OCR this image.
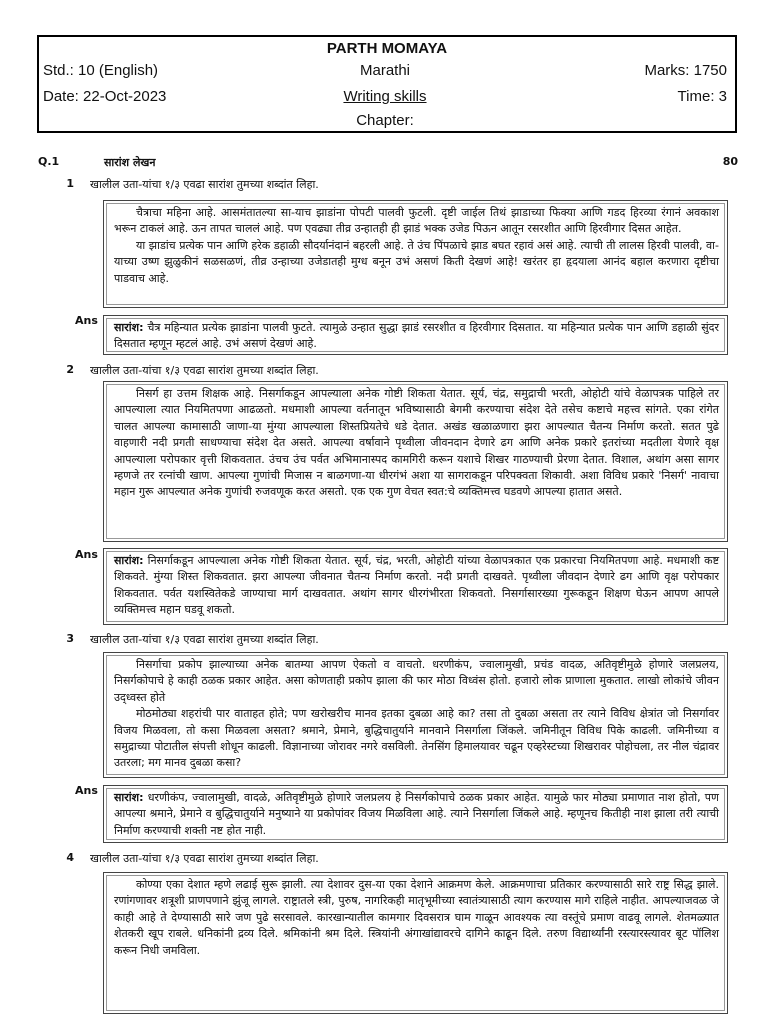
PARTH MOMAYA
Std.: 10 (English)	Marathi	Marks: 1750
Date: 22-Oct-2023	Writing skills	Time: 3
Chapter:
Q.1	सारांश लेखन	80
1 खालील उता-यांचा १/३ एवढा सारांश तुमच्या शब्दांत लिहा.

चैत्राचा महिना आहे. आसमंतातल्या सा-याच झाडांना पोपटी पालवी फुटली. दृष्टी जाईल तिथं झाडाच्या फिक्या आणि गडद हिरव्या रंगानं अवकाश भरून टाकलं आहे. ऊन तापत चाललं आहे. पण एवढ्या तीव्र उन्हातही ही झाडं भक्क उजेड पिऊन आतून रसरशीत आणि हिरवीगार दिसत आहेत.

या झाडांच प्रत्येक पान आणि हरेक डहाळी सौदर्यानंदानं बहरली आहे. ते उंच पिंपळाचे झाड बघत रहावं असं आहे. त्याची ती लालस हिरवी पालवी, वा-याच्या उष्ण झुळुकीनं सळसळणं, तीव्र उन्हाच्या उजेडातही मुग्ध बनून उभं असणं किती देखणं आहे! खरंतर हा हृदयाला आनंद बहाल करणारा दृष्टीचा पाडवाच आहे.

Ans

सारांश: चैत्र महिन्यात प्रत्येक झाडांना पालवी फुटते. त्यामुळे उन्हात सुद्धा झाडं रसरशीत व हिरवीगार दिसतात. या महिन्यात प्रत्येक पान आणि डहाळी सुंदर दिसतात म्हणून म्हटलं आहे. उभं असणं देखणं आहे.

2 खालील उता-यांचा १/३ एवढा सारांश तुमच्या शब्दांत लिहा.

निसर्ग हा उत्तम शिक्षक आहे. निसर्गाकडून आपल्याला अनेक गोष्टी शिकता येतात. सूर्य, चंद्र, समुद्राची भरती, ओहोटी यांचे वेळापत्रक पाहिले तर आपल्याला त्यात नियमितपणा आढळतो. मधमाशी आपल्या वर्तनातून भविष्यासाठी बेगमी करण्याचा संदेश देते तसेच कष्टाचे महत्त्व सांगते. एका रांगेत चालत आपल्या कामासाठी जाणा-या मुंग्या आपल्याला शिस्तप्रियतेचे धडे देतात. अखंड खळाळणारा झरा आपल्यात चैतन्य निर्माण करतो. सतत पुढे वाहणारी नदी प्रगती साधण्याचा संदेश देत असते. आपल्या वर्षावाने पृथ्वीला जीवनदान देणारे ढग आणि अनेक प्रकारे इतरांच्या मदतीला येणारे वृक्ष आपल्याला परोपकार वृत्ती शिकवतात. उंचच उंच पर्वत अभिमानास्पद कामगिरी करून यशाचे शिखर गाठण्याची प्रेरणा देतात. विशाल, अथांग असा सागर म्हणजे तर रत्नांची खाण. आपल्या गुणांची मिजास न बाळगणा-या धीरगंभं अशा या सागराकडून परिपक्वता शिकावी. अशा विविध प्रकारे 'निसर्ग' नावाचा महान गुरू आपल्यात अनेक गुणांची रुजवणूक करत असतो. एक एक गुण वेचत स्वत:चे व्यक्तिमत्त्व घडवणे आपल्या हातात असते.

Ans सारांश: निसर्गाकडून आपल्याला अनेक गोष्टी शिकता येतात. सूर्य, चंद्र, भरती, ओहोटी यांच्या वेळापत्रकात एक प्रकारचा नियमितपणा आहे. मधमाशी कष्ट शिकवते. मुंग्या शिस्त शिकवतात. झरा आपल्या जीवनात चैतन्य निर्माण करतो. नदी प्रगती दाखवते. पृथ्वीला जीवदान देणारे ढग आणि वृक्ष परोपकार शिकवतात. पर्वत यशस्वितेकडे जाण्याचा मार्ग दाखवतात. अथांग सागर धीरगंभीरता शिकवतो. निसर्गासारख्या गुरूकडून शिक्षण घेऊन आपण आपले व्यक्तिमत्त्व महान घडवू शकतो.

3 खालील उता-यांचा १/३ एवढा सारांश तुमच्या शब्दांत लिहा.

निसर्गाचा प्रकोप झाल्याच्या अनेक बातम्या आपण ऐकतो व वाचतो. धरणीकंप, ज्वालामुखी, प्रचंड वादळ, अतिवृष्टीमुळे होणारे जलप्रलय, निसर्गकोपाचे हे काही ठळक प्रकार आहेत. असा कोणताही प्रकोप झाला की फार मोठा विध्वंस होतो. हजारो लोक प्राणाला मुकतात. लाखो लोकांचे जीवन उद्ध्वस्त होते

मोठमोठ्या शहरांची पार वाताहत होते; पण खरोखरीच मानव इतका दुबळा आहे का? तसा तो दुबळा असता तर त्याने विविध क्षेत्रांत जो निसर्गावर विजय मिळवला, तो कसा मिळवला असता? श्रमाने, प्रेमाने, बुद्धिचातुर्याने मानवाने निसर्गाला जिंकले. जमिनीतून विविध पिके काढली. जमिनीच्या व समुद्राच्या पोटातील संपत्ती शोधून काढली. विज्ञानाच्या जोरावर नगरे वसविली. तेनसिंग हिमालयावर चढून एव्हरेस्टच्या शिखरावर पोहोचला, तर नील चंद्रावर उतरला; मग मानव दुबळा कसा?

Ans

सारांश: धरणीकंप, ज्वालामुखी, वादळे, अतिवृष्टीमुळे होणारे जलप्रलय हे निसर्गकोपाचे ठळक प्रकार आहेत. यामुळे फार मोठ्या प्रमाणात नाश होतो, पण आपल्या श्रमाने, प्रेमाने व बुद्धिचातुर्याने मनुष्याने या प्रकोपांवर विजय मिळविला आहे. त्याने निसर्गाला जिंकले आहे. म्हणूनच कितीही नाश झाला तरी त्याची निर्माण करण्याची शक्ती नष्ट होत नाही.

4 खालील उता-यांचा १/३ एवढा सारांश तुमच्या शब्दांत लिहा.

कोण्या एका देशात म्हणे लढाई सुरू झाली. त्या देशावर दुस-या एका देशाने आक्रमण केले. आक्रमणाचा प्रतिकार करण्यासाठी सारे राष्ट्र सिद्ध झाले. रणांगणावर शत्रूशी प्राणपणाने झुंजू लागले. राष्ट्रातले स्त्री, पुरुष, नागरिकही मातृभूमीच्या स्वातंत्र्यासाठी त्याग करण्यास मागे राहिले नाहीत. आपल्याजवळ जे काही आहे ते देण्यासाठी सारे जण पुढे सरसावले. कारखान्यातील कामगार दिवसरात्र घाम गाळून आवश्यक त्या वस्तूंचे प्रमाण वाढवू लागले. शेतमळ्यात शेतकरी खूप राबले. धनिकांनी द्रव्य दिले. श्रमिकांनी श्रम दिले. स्त्रियांनी अंगाखांद्यावरचे दागिने काढून दिले. तरुण विद्यार्थ्यांनी रस्त्यारस्त्यावर बूट पॉलिश करून निधी जमविला.
